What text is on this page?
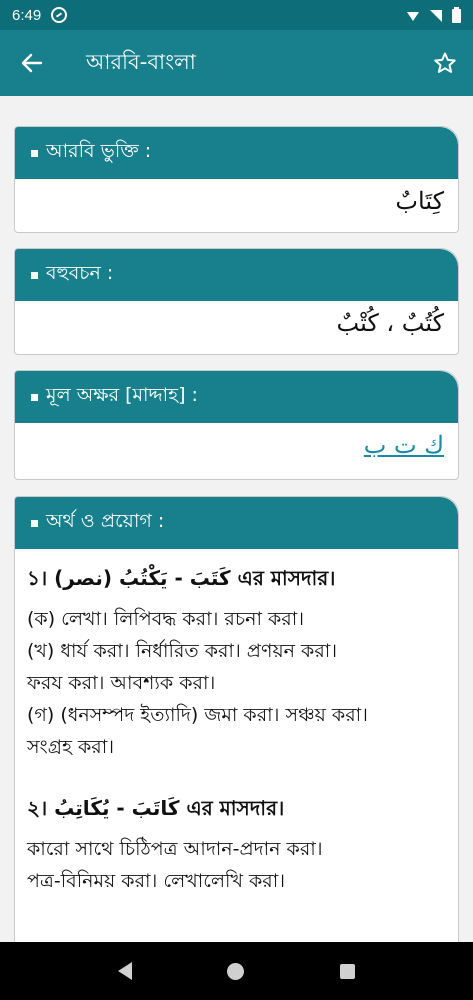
6:49
আরবি-বাংলা
আরবি ভুক্তি :
كِتَابٌ
বহুবচন :
كُتُبٌ ، كُتْبٌ
মূল অক্ষর [মাদ্দাহ] :
ك ت ب
অর্থ ও প্রয়োগ :
১। (نصر) كَتَبَ - يَكْتُبُ এর মাসদার।
(ক) লেখা। লিপিবদ্ধ করা। রচনা করা।
(খ) ধার্য করা। নির্ধারিত করা। প্রণয়ন করা।
ফরয করা। আবশ্যক করা।
(গ) (ধনসম্পদ ইত্যাদি) জমা করা। সঞ্চয় করা।
সংগ্রহ করা।
২। كَاتَبَ - يُكَاتِبُ এর মাসদার।
কারো সাথে চিঠিপত্র আদান-প্রদান করা।
পত্র-বিনিময় করা। লেখালেখি করা।
